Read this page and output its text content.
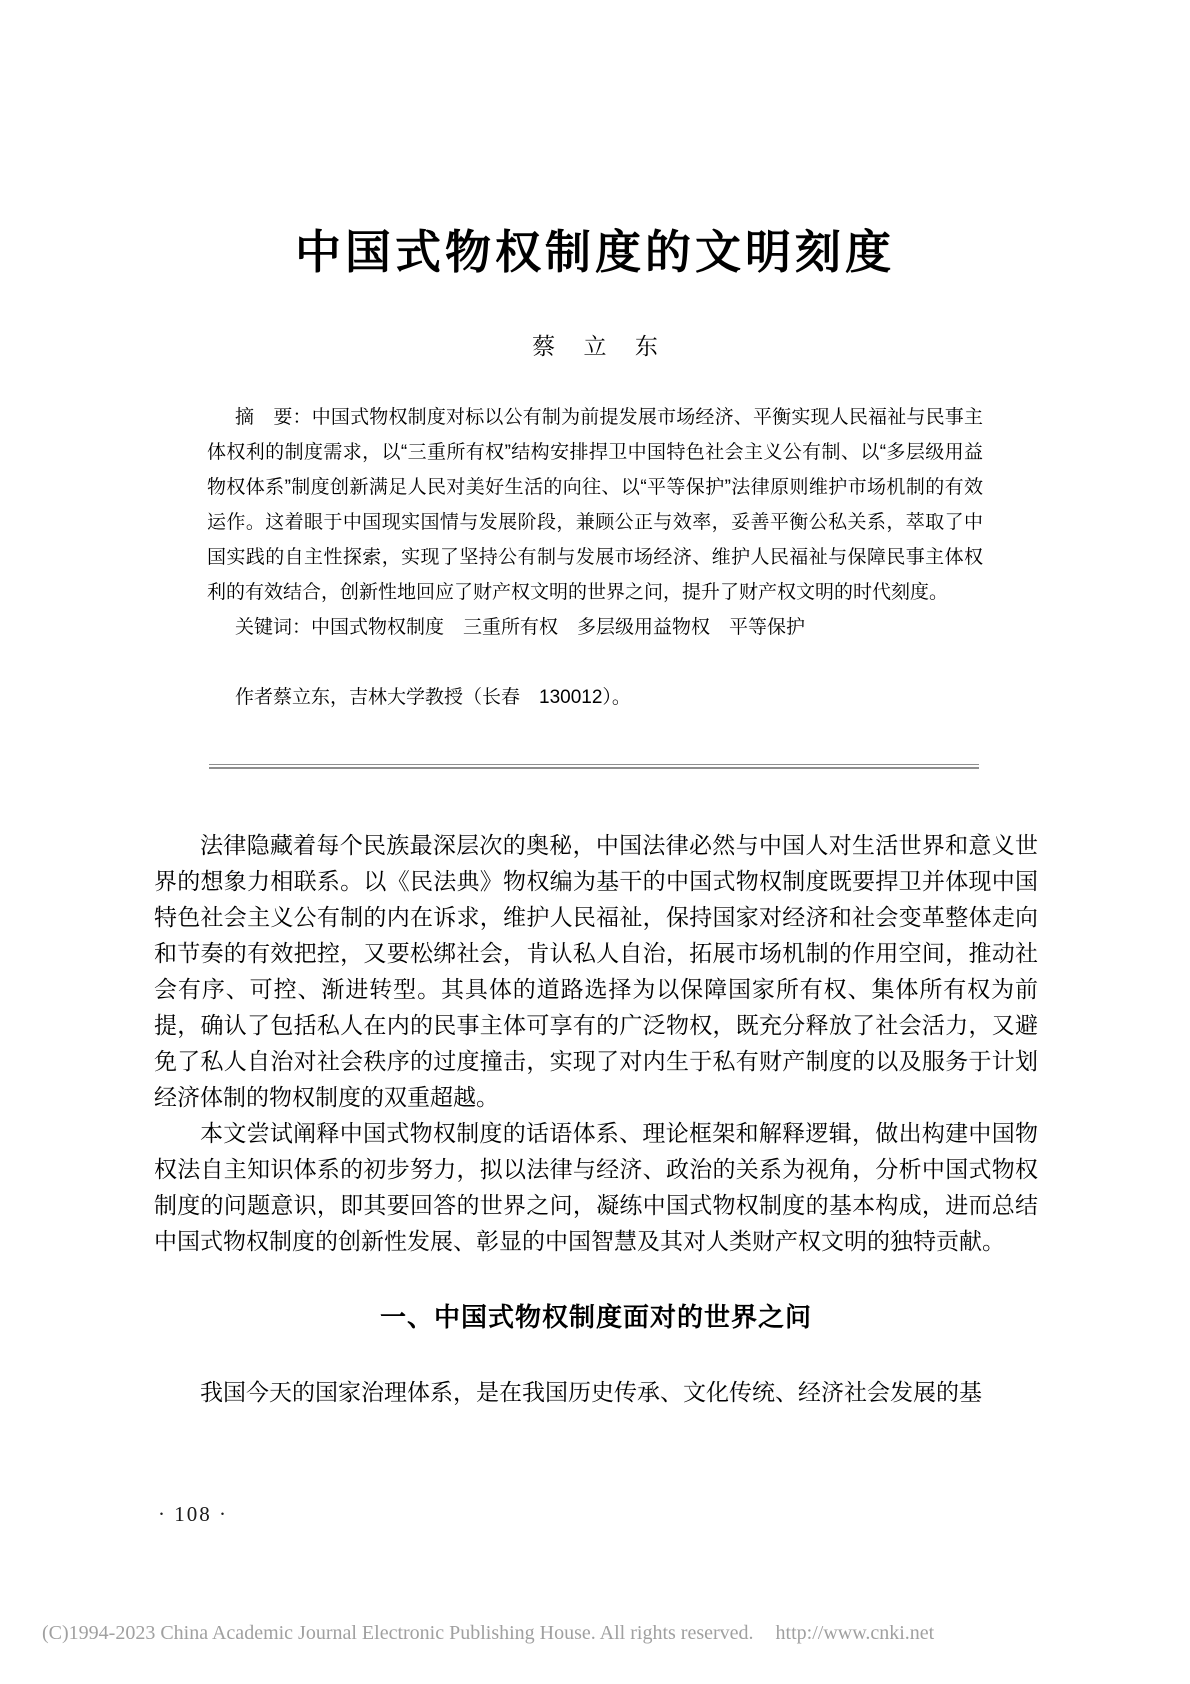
中国式物权制度的文明刻度
蔡 立 东

摘　要：中国式物权制度对标以公有制为前提发展市场经济、平衡实现人民福祉与民事主体权利的制度需求，以“三重所有权”结构安排捍卫中国特色社会主义公有制、以“多层级用益物权体系”制度创新满足人民对美好生活的向往、以“平等保护”法律原则维护市场机制的有效运作。这着眼于中国现实国情与发展阶段，兼顾公正与效率，妥善平衡公私关系，萃取了中国实践的自主性探索，实现了坚持公有制与发展市场经济、维护人民福祉与保障民事主体权利的有效结合，创新性地回应了财产权文明的世界之问，提升了财产权文明的时代刻度。

关键词：中国式物权制度　三重所有权　多层级用益物权　平等保护

作者蔡立东，吉林大学教授（长春　130012）。

法律隐藏着每个民族最深层次的奥秘，中国法律必然与中国人对生活世界和意义世界的想象力相联系。以《民法典》物权编为基干的中国式物权制度既要捍卫并体现中国特色社会主义公有制的内在诉求，维护人民福祉，保持国家对经济和社会变革整体走向和节奏的有效把控，又要松绑社会，肯认私人自治，拓展市场机制的作用空间，推动社会有序、可控、渐进转型。其具体的道路选择为以保障国家所有权、集体所有权为前提，确认了包括私人在内的民事主体可享有的广泛物权，既充分释放了社会活力，又避免了私人自治对社会秩序的过度撞击，实现了对内生于私有财产制度的以及服务于计划经济体制的物权制度的双重超越。

本文尝试阐释中国式物权制度的话语体系、理论框架和解释逻辑，做出构建中国物权法自主知识体系的初步努力，拟以法律与经济、政治的关系为视角，分析中国式物权制度的问题意识，即其要回答的世界之问，凝练中国式物权制度的基本构成，进而总结中国式物权制度的创新性发展、彰显的中国智慧及其对人类财产权文明的独特贡献。

一、中国式物权制度面对的世界之问

我国今天的国家治理体系，是在我国历史传承、文化传统、经济社会发展的基

· 108 ·
(C)1994-2023 China Academic Journal Electronic Publishing House. All rights reserved. http://www.cnki.net
